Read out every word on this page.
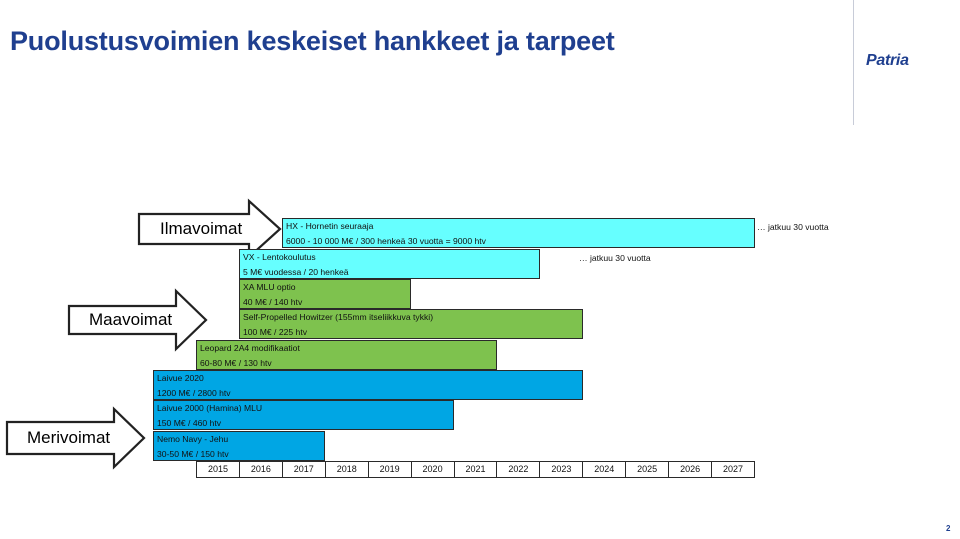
Puolustusvoimien keskeiset hankkeet ja tarpeet
Patria
Ilmavoimat
Maavoimat
Merivoimat
HX - Hornetin seuraaja
6000 - 10 000 M€ / 300 henkeä 30 vuotta = 9000 htv
VX - Lentokoulutus
5 M€ vuodessa / 20 henkeä
XA MLU optio
40 M€ / 140 htv
Self-Propelled Howitzer (155mm itseliikkuva tykki)
100 M€ / 225 htv
Leopard 2A4 modifikaatiot
60-80 M€ / 130 htv
Laivue 2020
1200 M€ / 2800 htv
Laivue 2000 (Hamina) MLU
150 M€ / 460 htv
Nemo Navy - Jehu
30-50 M€ / 150 htv
… jatkuu 30 vuotta
… jatkuu 30 vuotta
2015	2016	2017	2018	2019	2020	2021	2022	2023	2024	2025	2026	2027
2
